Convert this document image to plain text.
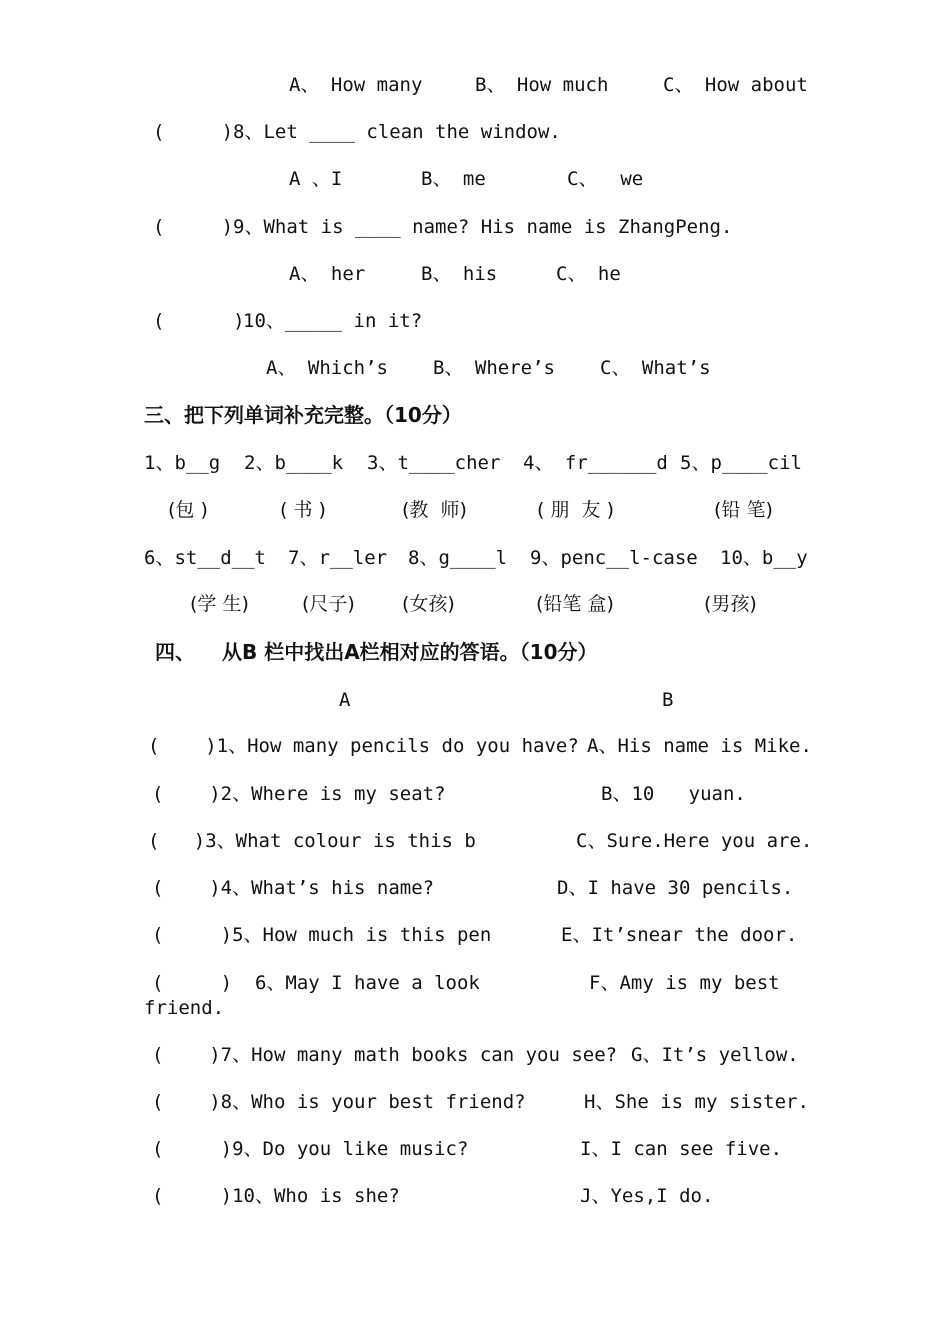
A、 How many	B、 How much	C、 How about
(     ) 8、Let ____ clean the window.
A 、I	B、 me	C、  we
(     ) 9、What is ____ name? His name is ZhangPeng.
A、 her	B、 his	C、 he
(      )
10、_____ in it?
A、 Which’s B、 Where’s C、 What’s
三、把下列单词补充完整。（10分）
1、b__g 2、b____k 3、t____cher 4、 fr______d 5、p____cil
(包 )	( 书 )	(教  师)	( 朋  友 )	(铅 笔)
6、st__d__t 7、r__ler 8、g____l 9、penc__l-case 10、b__y
(学 生)	(尺子) (女孩)	(铅笔 盒)	(男孩)
四、 从B 栏中找出A栏相对应的答语。（10分）
A	B
(    )1、How many pencils do you have? A、His name is Mike.
(    )2、Where is my seat?	B、10   yuan.
(   )3、What colour is this b	C、Sure.Here you are.
(    )4、What’s his name?	D、I have 30 pencils.
(     )5、How much is this pen	E、It’snear the door.
(     )  6、May I have a look	F、Amy is my best
friend.
(    )7、How many math books can you see? G、It’s yellow.
(    )8、Who is your best friend?	H、She is my sister.
(     )9、Do you like music?	I、I can see five.
(     )10、Who is she?	J、Yes,I do.
